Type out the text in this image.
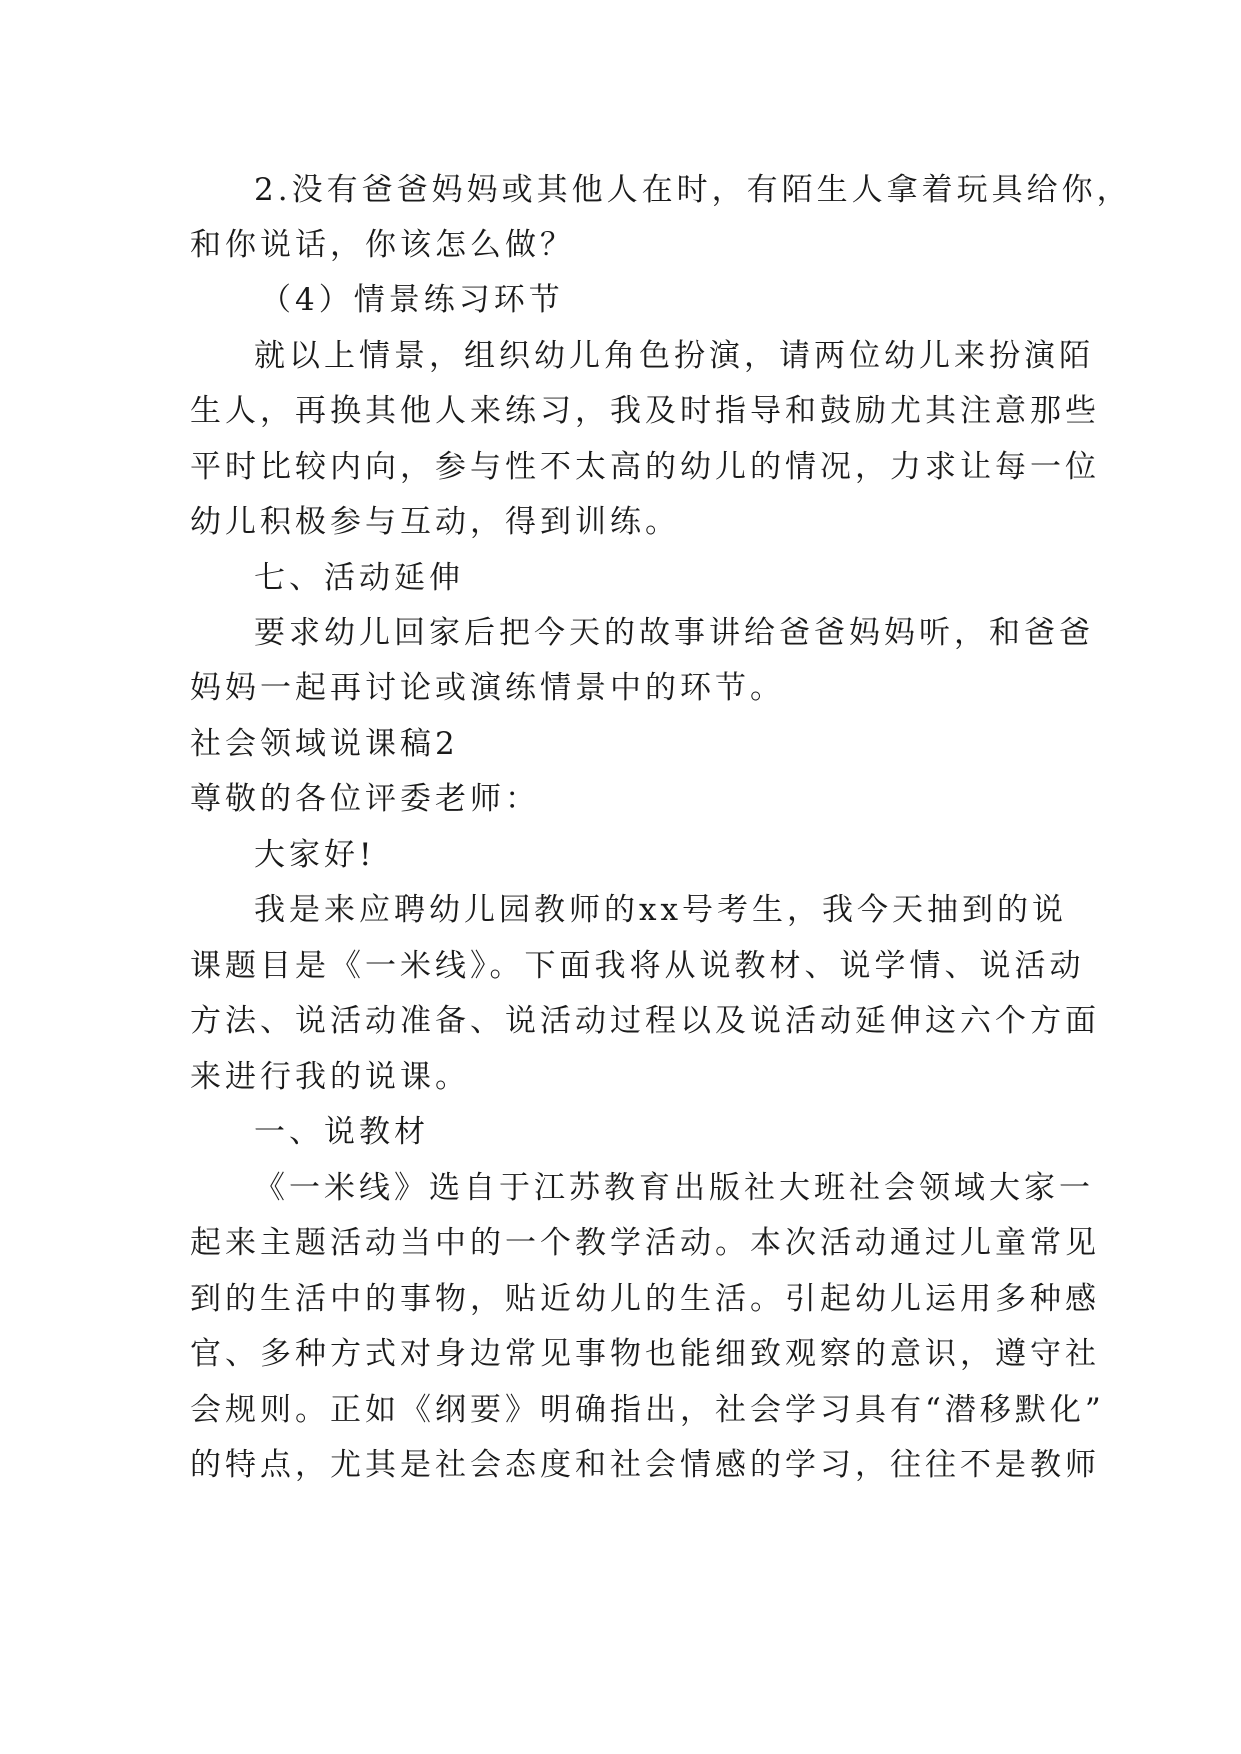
2.没有爸爸妈妈或其他人在时，有陌生人拿着玩具给你，

和你说话，你该怎么做？

（4）情景练习环节

就以上情景，组织幼儿角色扮演，请两位幼儿来扮演陌

生人，再换其他人来练习，我及时指导和鼓励尤其注意那些

平时比较内向，参与性不太高的幼儿的情况，力求让每一位

幼儿积极参与互动，得到训练。

七、活动延伸

要求幼儿回家后把今天的故事讲给爸爸妈妈听，和爸爸

妈妈一起再讨论或演练情景中的环节。

社会领域说课稿2

尊敬的各位评委老师：

大家好!

我是来应聘幼儿园教师的xx号考生，我今天抽到的说

课题目是《一米线》。下面我将从说教材、说学情、说活动

方法、说活动准备、说活动过程以及说活动延伸这六个方面

来进行我的说课。

一、说教材

《一米线》选自于江苏教育出版社大班社会领域大家一

起来主题活动当中的一个教学活动。本次活动通过儿童常见

到的生活中的事物，贴近幼儿的生活。引起幼儿运用多种感

官、多种方式对身边常见事物也能细致观察的意识，遵守社

会规则。正如《纲要》明确指出，社会学习具有“潜移默化”

的特点，尤其是社会态度和社会情感的学习，往往不是教师
